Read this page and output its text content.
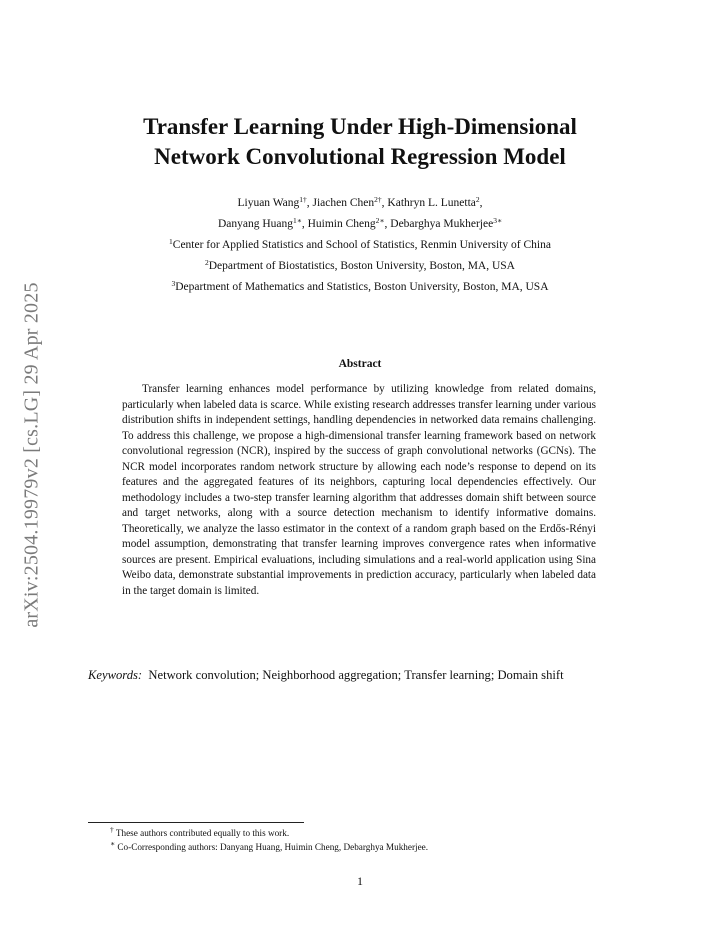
arXiv:2504.19979v2 [cs.LG] 29 Apr 2025
Transfer Learning Under High-Dimensional
Network Convolutional Regression Model
Liyuan Wang$^{1\dagger}$, Jiachen Chen$^{2\dagger}$, Kathryn L. Lunetta$^2$,
Danyang Huang$^{1∗}$, Huimin Cheng$^{2∗}$, Debarghya Mukherjee$^{3∗}$
$^1$Center for Applied Statistics and School of Statistics, Renmin University of China
$^2$Department of Biostatistics, Boston University, Boston, MA, USA
$^3$Department of Mathematics and Statistics, Boston University, Boston, MA, USA
Abstract

Transfer learning enhances model performance by utilizing knowledge from related domains, particularly when labeled data is scarce. While existing research addresses transfer learning under various distribution shifts in independent settings, handling dependencies in networked data remains challenging. To address this challenge, we propose a high-dimensional transfer learning framework based on network convolutional regression (NCR), inspired by the success of graph convolutional networks (GCNs). The NCR model incorporates random network structure by allowing each node’s response to depend on its features and the aggregated features of its neighbors, capturing local dependencies effectively. Our methodology includes a two-step transfer learning algorithm that addresses domain shift between source and target networks, along with a source detection mechanism to identify informative domains. Theoretically, we analyze the lasso estimator in the context of a random graph based on the Erdős-Rényi model assumption, demonstrating that transfer learning improves convergence rates when informative sources are present. Empirical evaluations, including simulations and a real-world application using Sina Weibo data, demonstrate substantial improvements in prediction accuracy, particularly when labeled data in the target domain is limited.

Keywords: Network convolution; Neighborhood aggregation; Transfer learning; Domain shift

† These authors contributed equally to this work.
∗ Co-Corresponding authors: Danyang Huang, Huimin Cheng, Debarghya Mukherjee.
1
